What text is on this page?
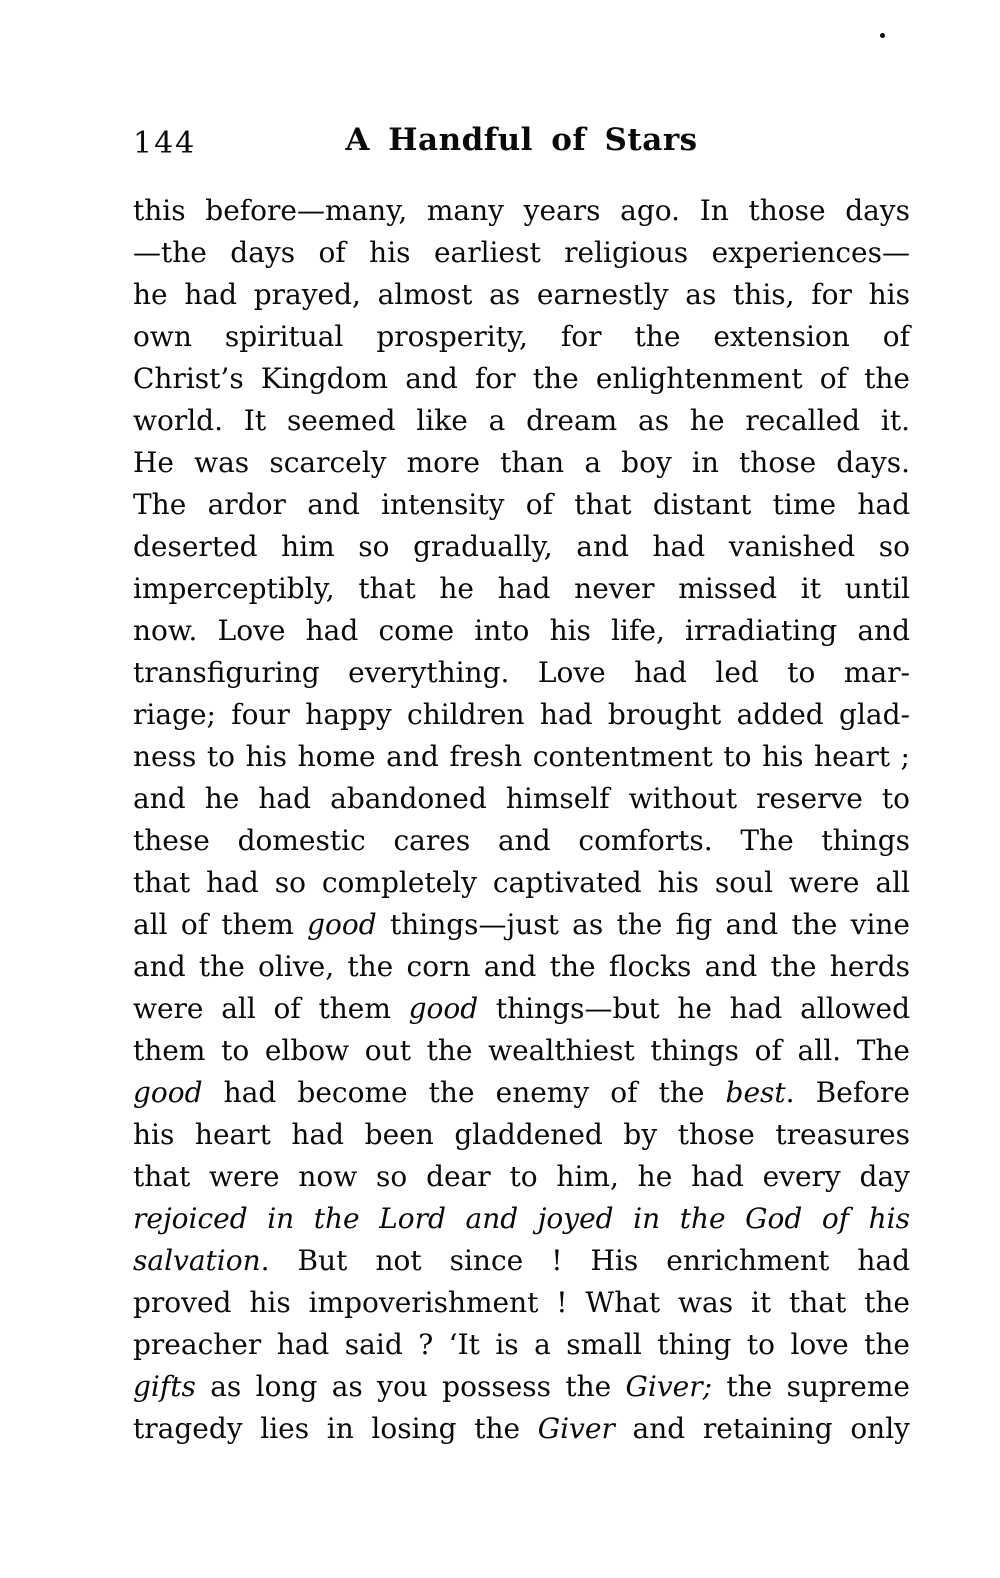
144	A Handful of Stars
this before—many, many years ago. In those days
—the days of his earliest religious experiences—
he had prayed, almost as earnestly as this, for his
own spiritual prosperity, for the extension of
Christ’s Kingdom and for the enlightenment of the
world. It seemed like a dream as he recalled it.
He was scarcely more than a boy in those days.
The ardor and intensity of that distant time had
deserted him so gradually, and had vanished so
imperceptibly, that he had never missed it until
now. Love had come into his life, irradiating and
transfiguring everything. Love had led to mar-
riage; four happy children had brought added glad-
ness to his home and fresh contentment to his heart ;
and he had abandoned himself without reserve to
these domestic cares and comforts. The things
that had so completely captivated his soul were all
all of them good things—just as the fig and the vine
and the olive, the corn and the flocks and the herds
were all of them good things—but he had allowed
them to elbow out the wealthiest things of all. The
good had become the enemy of the best. Before
his heart had been gladdened by those treasures
that were now so dear to him, he had every day
rejoiced in the Lord and joyed in the God of his
salvation. But not since ! His enrichment had
proved his impoverishment ! What was it that the
preacher had said ? ‘It is a small thing to love the
gifts as long as you possess the Giver; the supreme
tragedy lies in losing the Giver and retaining only
